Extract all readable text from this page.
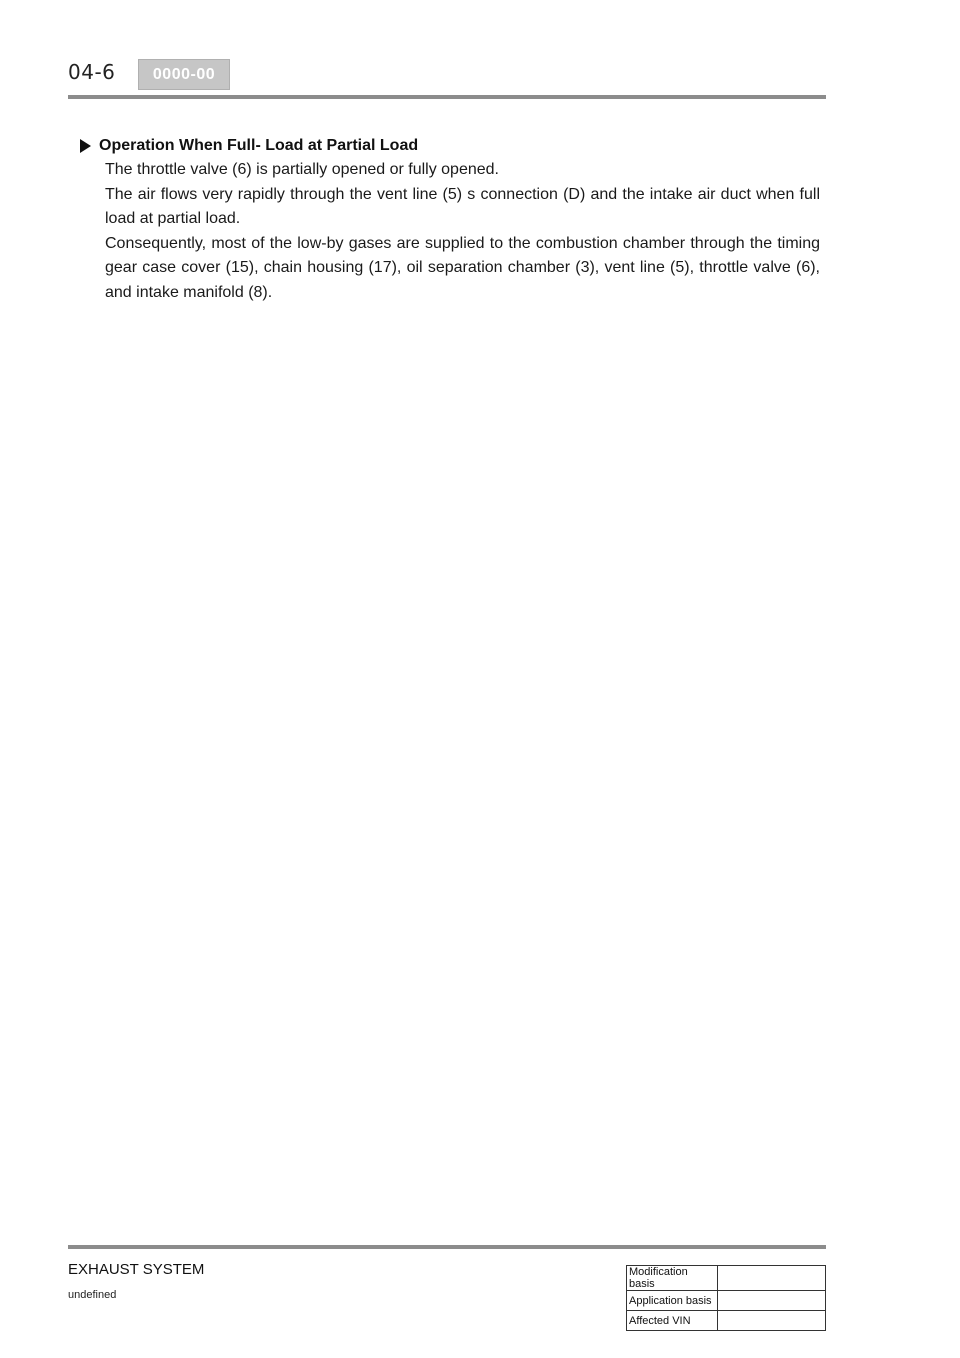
04-6	0000-00
Operation When Full- Load at Partial Load

The throttle valve (6) is partially opened or fully opened.

The air flows very rapidly through the vent line (5) s connection (D) and the intake air duct when full load at partial load.

Consequently, most of the low-by gases are supplied to the combustion chamber through the timing gear case cover (15), chain housing (17), oil separation chamber (3), vent line (5), throttle valve (6), and intake manifold (8).

EXHAUST SYSTEM
undefined
Modification basis	
Application basis	
Affected VIN	
